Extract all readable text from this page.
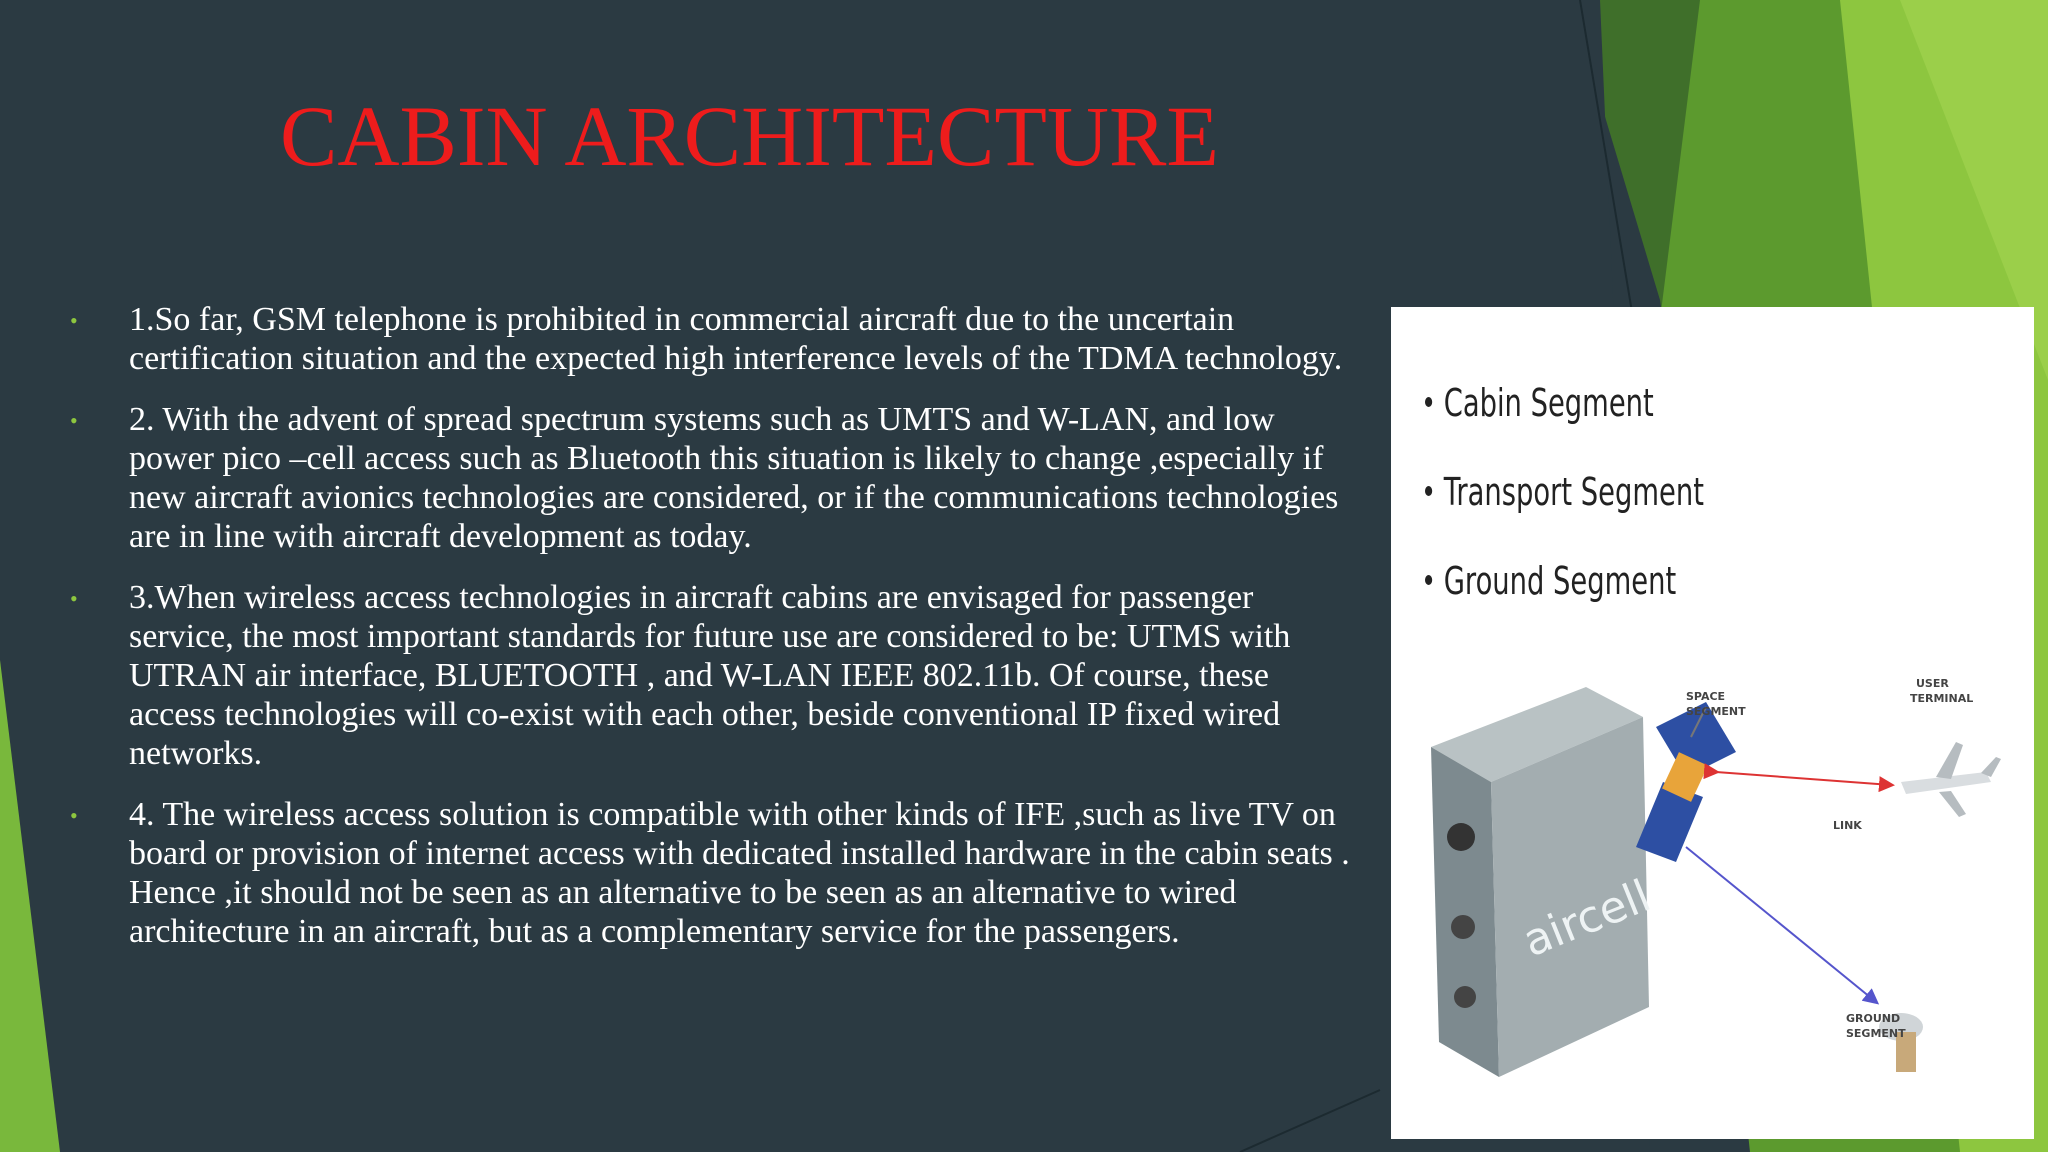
CABIN ARCHITECTURE
• 1.So far, GSM telephone is prohibited in commercial aircraft due to the uncertain certification situation and the expected high interference levels of the TDMA technology.
• 2. With the advent of spread spectrum systems such as UMTS and W-LAN, and low power pico –cell access such as Bluetooth this situation is likely to change ,especially if new aircraft avionics technologies are considered, or if the communications technologies are in line with aircraft development as today.
• 3.When wireless access technologies in aircraft cabins are envisaged for passenger service, the most important standards for future use are considered to be: UTMS with UTRAN air interface, BLUETOOTH , and W-LAN IEEE 802.11b. Of course, these access technologies will co-exist with each other, beside conventional IP fixed wired networks.
• 4. The wireless access solution is compatible with other kinds of IFE ,such as live TV on board or provision of internet access with dedicated installed hardware in the cabin seats . Hence ,it should not be seen as an alternative to be seen as an alternative to wired architecture in an aircraft, but as a complementary service for the passengers.	aircell
SPACE
SEGMENT
USER
TERMINAL
LINK
GROUND
SEGMENT
Cabin Segment
Transport Segment
Ground Segment
